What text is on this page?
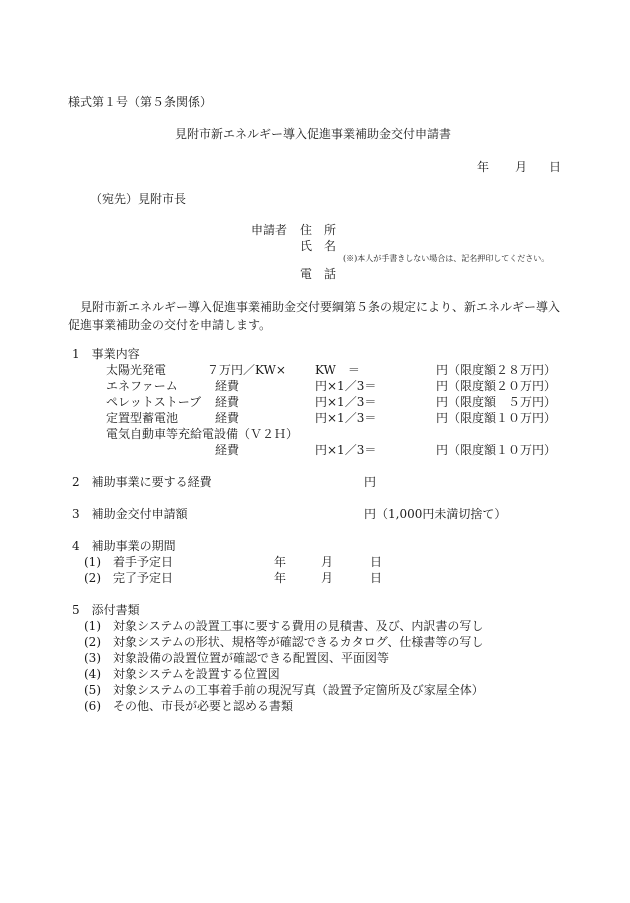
様式第１号（第５条関係）
見附市新エネルギー導入促進事業補助金交付申請書
年 月 日
（宛先）見附市長
申請者 住　所
氏　名
(※)本人が手書きしない場合は、記名押印してください。
電　話
見附市新エネルギー導入促進事業補助金交付要綱第５条の規定により、新エネルギー導入促進事業補助金の交付を申請します。
1　事業内容
太陽光発電	７万円／KW× KW　＝	円（限度額２８万円）
エネファーム	経費	円×1／3＝	円（限度額２０万円）
ペレットストーブ 経費	円×1／3＝	円（限度額　５万円）
定置型蓄電池	経費	円×1／3＝	円（限度額１０万円）
電気自動車等充給電設備（Ｖ２Ｈ）
経費	円×1／3＝	円（限度額１０万円）
2　補助事業に要する経費	円
3　補助金交付申請額	円（1,000円未満切捨て）
4　補助事業の期間
(1) 着手予定日	年	月	日
(2) 完了予定日	年	月	日
5　添付書類
(1) 対象システムの設置工事に要する費用の見積書、及び、内訳書の写し
(2) 対象システムの形状、規格等が確認できるカタログ、仕様書等の写し
(3) 対象設備の設置位置が確認できる配置図、平面図等
(4) 対象システムを設置する位置図
(5) 対象システムの工事着手前の現況写真（設置予定箇所及び家屋全体）
(6) その他、市長が必要と認める書類
